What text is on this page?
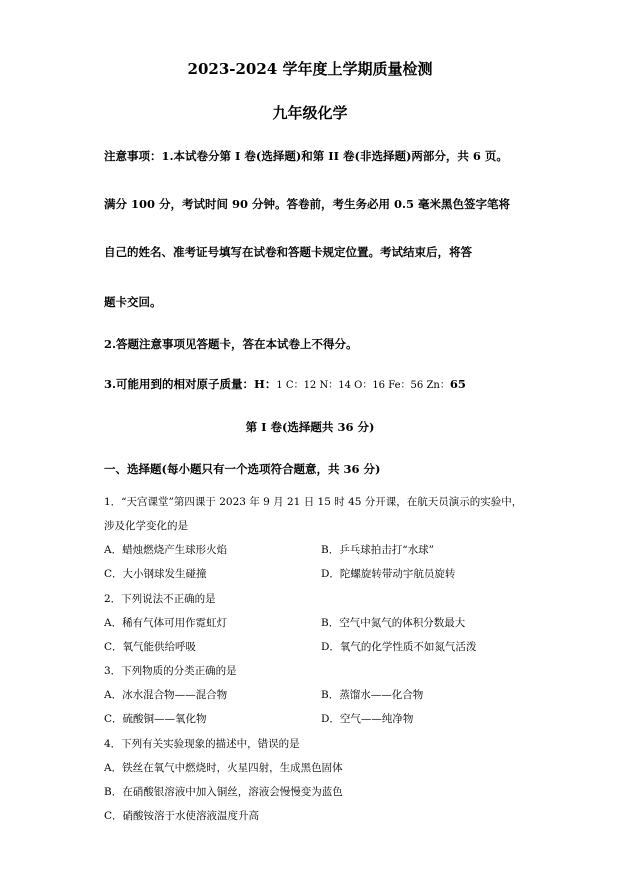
2023-2024 学年度上学期质量检测
九年级化学
注意事项：1.本试卷分第 I 卷(选择题)和第 II 卷(非选择题)两部分，共 6 页。
满分 100 分，考试时间 90 分钟。答卷前，考生务必用 0.5 毫米黑色签字笔将
自己的姓名、准考证号填写在试卷和答题卡规定位置。考试结束后，将答
题卡交回。
2.答题注意事项见答题卡，答在本试卷上不得分。
3.可能用到的相对原子质量：H：1 C：12 N：14 O：16 Fe：56 Zn：65
第 I 卷(选择题共 36 分)
一、选择题(每小题只有一个选项符合题意，共 36 分)
1．“天宫课堂”第四课于 2023 年 9 月 21 日 15 时 45 分开课，在航天员演示的实验中，
涉及化学变化的是
A．蜡烛燃烧产生球形火焰	B．乒乓球拍击打“水球”
C．大小钢球发生碰撞	D．陀螺旋转带动宇航员旋转
2．下列说法不正确的是
A．稀有气体可用作霓虹灯	B．空气中氮气的体积分数最大
C．氧气能供给呼吸	D．氧气的化学性质不如氮气活泼
3．下列物质的分类正确的是
A．冰水混合物——混合物	B．蒸馏水——化合物
C．硫酸铜——氧化物	D．空气——纯净物
4．下列有关实验现象的描述中，错误的是
A．铁丝在氧气中燃烧时，火星四射，生成黑色固体
B．在硝酸银溶液中加入铜丝，溶液会慢慢变为蓝色
C．硝酸铵溶于水使溶液温度升高
